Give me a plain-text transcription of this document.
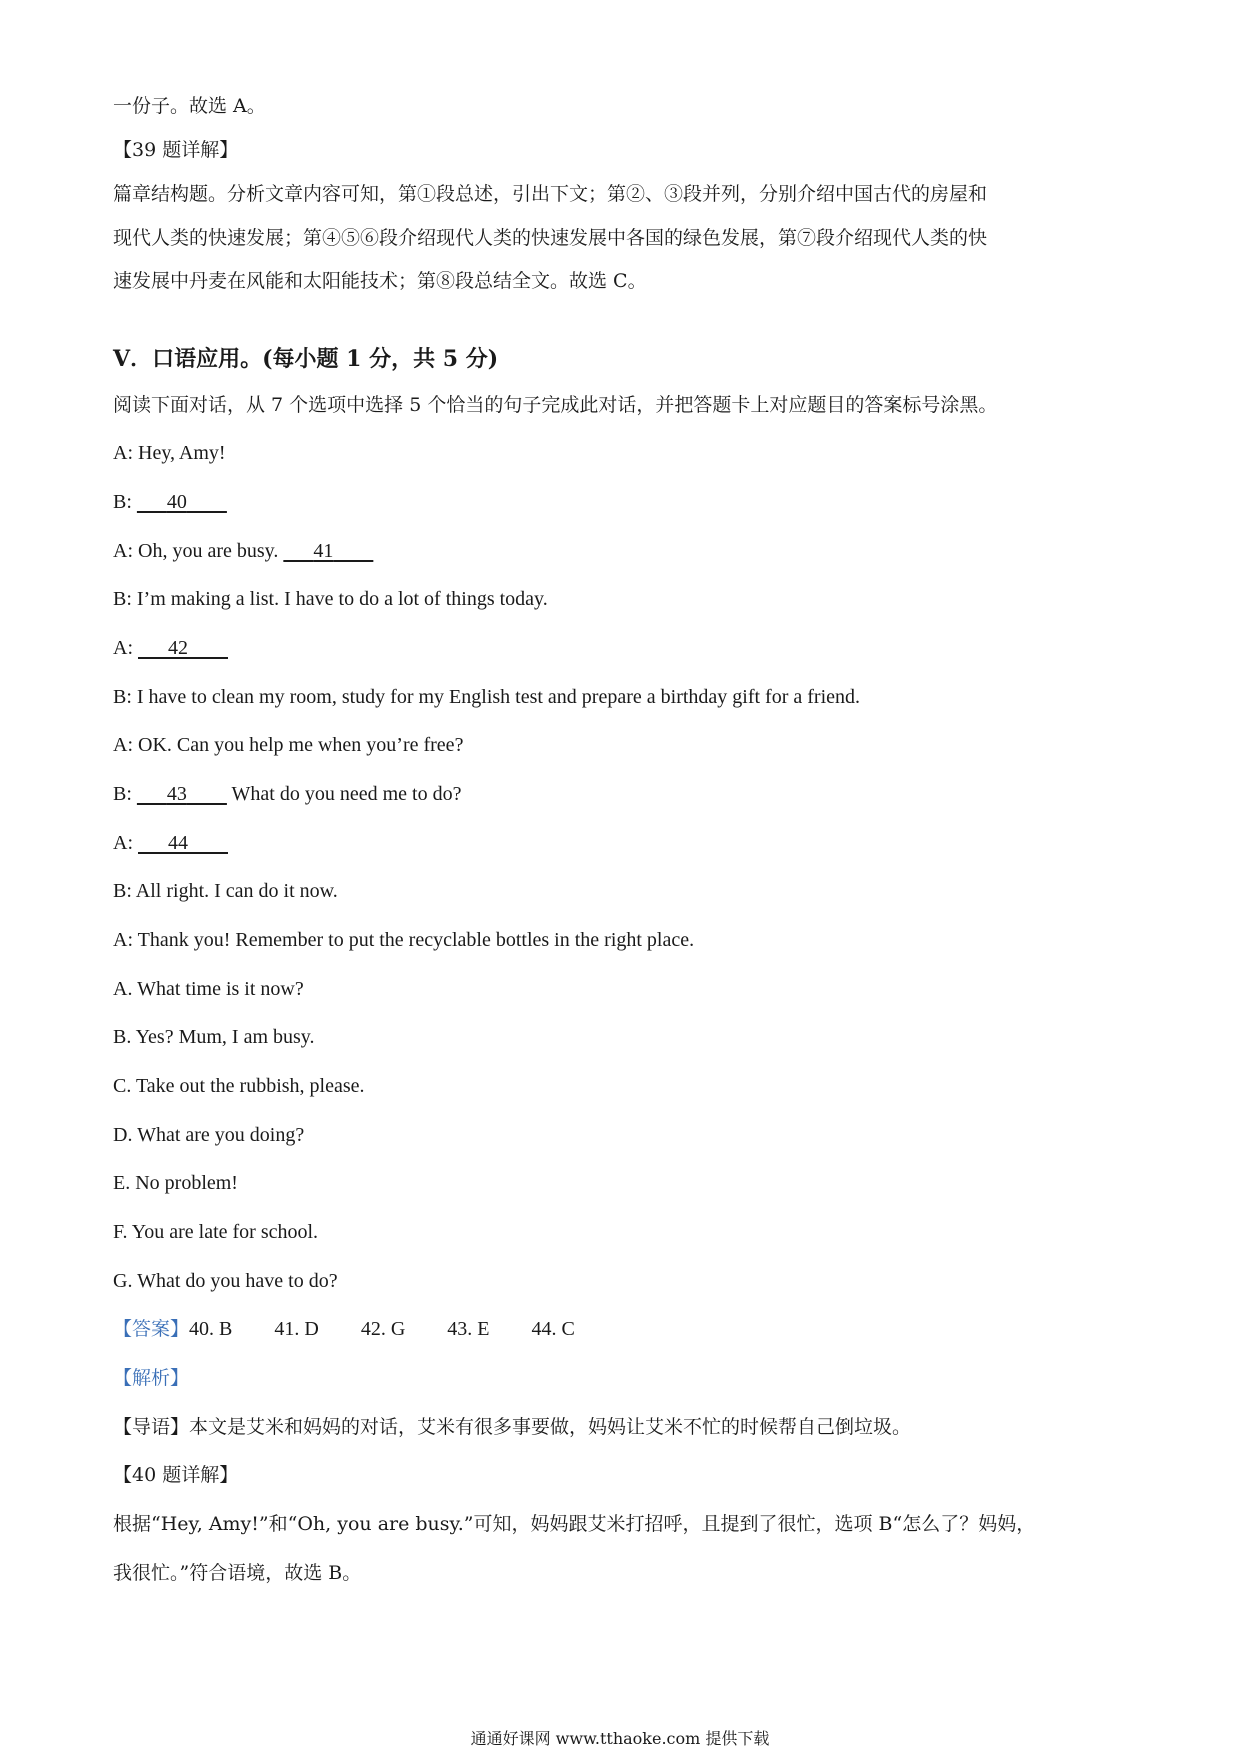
一份子。故选 A。
【39 题详解】
篇章结构题。分析文章内容可知，第①段总述，引出下文；第②、③段并列，分别介绍中国古代的房屋和
现代人类的快速发展；第④⑤⑥段介绍现代人类的快速发展中各国的绿色发展，第⑦段介绍现代人类的快
速发展中丹麦在风能和太阳能技术；第⑧段总结全文。故选 C。
V．口语应用。(每小题 1 分，共 5 分)
阅读下面对话，从 7 个选项中选择 5 个恰当的句子完成此对话，并把答题卡上对应题目的答案标号涂黑。
A: Hey, Amy!
B:       40
A: Oh, you are busy.       41
B: I’m making a list. I have to do a lot of things today.
A:       42
B: I have to clean my room, study for my English test and prepare a birthday gift for a friend.
A: OK. Can you help me when you’re free?
B:       43         What do you need me to do?
A:       44
B: All right. I can do it now.
A: Thank you! Remember to put the recyclable bottles in the right place.
A. What time is it now?
B. Yes? Mum, I am busy.
C. Take out the rubbish, please.
D. What are you doing?
E. No problem!
F. You are late for school.
G. What do you have to do?
【答案】40. B 41. D 42. G 43. E 44. C
【解析】
【导语】本文是艾米和妈妈的对话，艾米有很多事要做，妈妈让艾米不忙的时候帮自己倒垃圾。
【40 题详解】
根据“Hey, Amy!”和“Oh, you are busy.”可知，妈妈跟艾米打招呼，且提到了很忙，选项 B“怎么了？妈妈，
我很忙。”符合语境，故选 B。
通通好课网 www.tthaoke.com 提供下载
